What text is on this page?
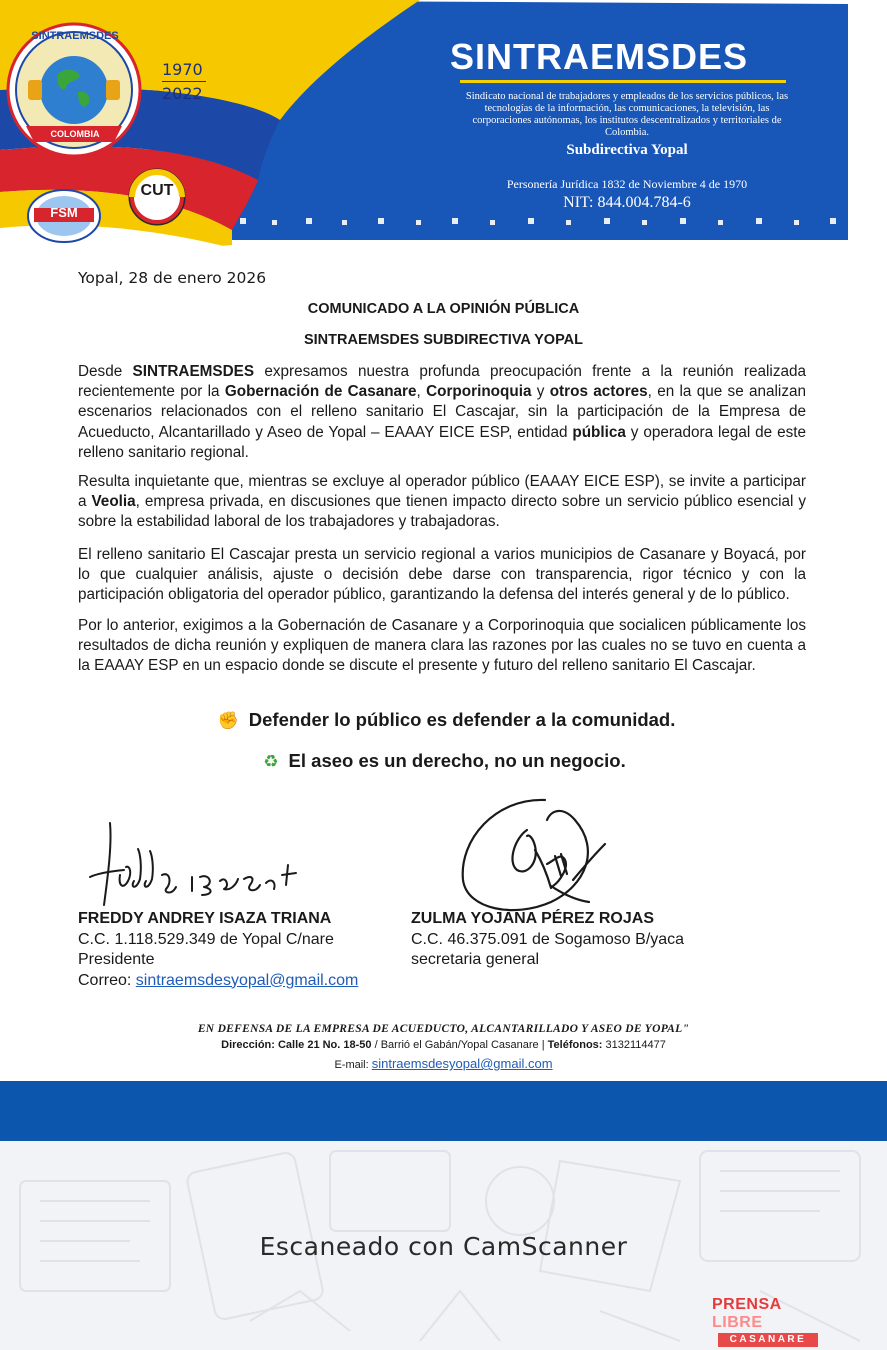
SINTRAEMSDES
COLOMBIA
1970
2022
FSM
CUT
SINTRAEMSDES
Sindicato nacional de trabajadores y empleados de los servicios públicos, las tecnologías de la información, las comunicaciones, la televisión, las corporaciones autónomas, los institutos descentralizados y territoriales de Colombia.
Subdirectiva Yopal
Personería Jurídica 1832 de Noviembre 4 de 1970
NIT: 844.004.784-6
Yopal, 28 de enero 2026
COMUNICADO A LA OPINIÓN PÚBLICA
SINTRAEMSDES SUBDIRECTIVA YOPAL
Desde SINTRAEMSDES expresamos nuestra profunda preocupación frente a la reunión realizada recientemente por la Gobernación de Casanare, Corporinoquia y otros actores, en la que se analizan escenarios relacionados con el relleno sanitario El Cascajar, sin la participación de la Empresa de Acueducto, Alcantarillado y Aseo de Yopal – EAAAY EICE ESP, entidad pública y operadora legal de este relleno sanitario regional.
Resulta inquietante que, mientras se excluye al operador público (EAAAY EICE ESP), se invite a participar a Veolia, empresa privada, en discusiones que tienen impacto directo sobre un servicio público esencial y sobre la estabilidad laboral de los trabajadores y trabajadoras.
El relleno sanitario El Cascajar presta un servicio regional a varios municipios de Casanare y Boyacá, por lo que cualquier análisis, ajuste o decisión debe darse con transparencia, rigor técnico y con la participación obligatoria del operador público, garantizando la defensa del interés general y de lo público.
Por lo anterior, exigimos a la Gobernación de Casanare y a Corporinoquia que socialicen públicamente los resultados de dicha reunión y expliquen de manera clara las razones por las cuales no se tuvo en cuenta a la EAAAY ESP en un espacio donde se discute el presente y futuro del relleno sanitario El Cascajar.
✊ Defender lo público es defender a la comunidad.
♻ El aseo es un derecho, no un negocio.
FREDDY ANDREY ISAZA TRIANA
C.C. 1.118.529.349 de Yopal C/nare
Presidente
Correo: sintraemsdesyopal@gmail.com
ZULMA YOJANA PÉREZ ROJAS
C.C. 46.375.091 de Sogamoso B/yaca
secretaria general
EN DEFENSA DE LA EMPRESA DE ACUEDUCTO, ALCANTARILLADO Y ASEO DE YOPAL"
Dirección: Calle 21 No. 18-50 / Barrió el Gabán/Yopal Casanare | Teléfonos: 3132114477
E-mail: sintraemsdesyopal@gmail.com
Escaneado con CamScanner
PRENSA LIBRE
CASANARE
